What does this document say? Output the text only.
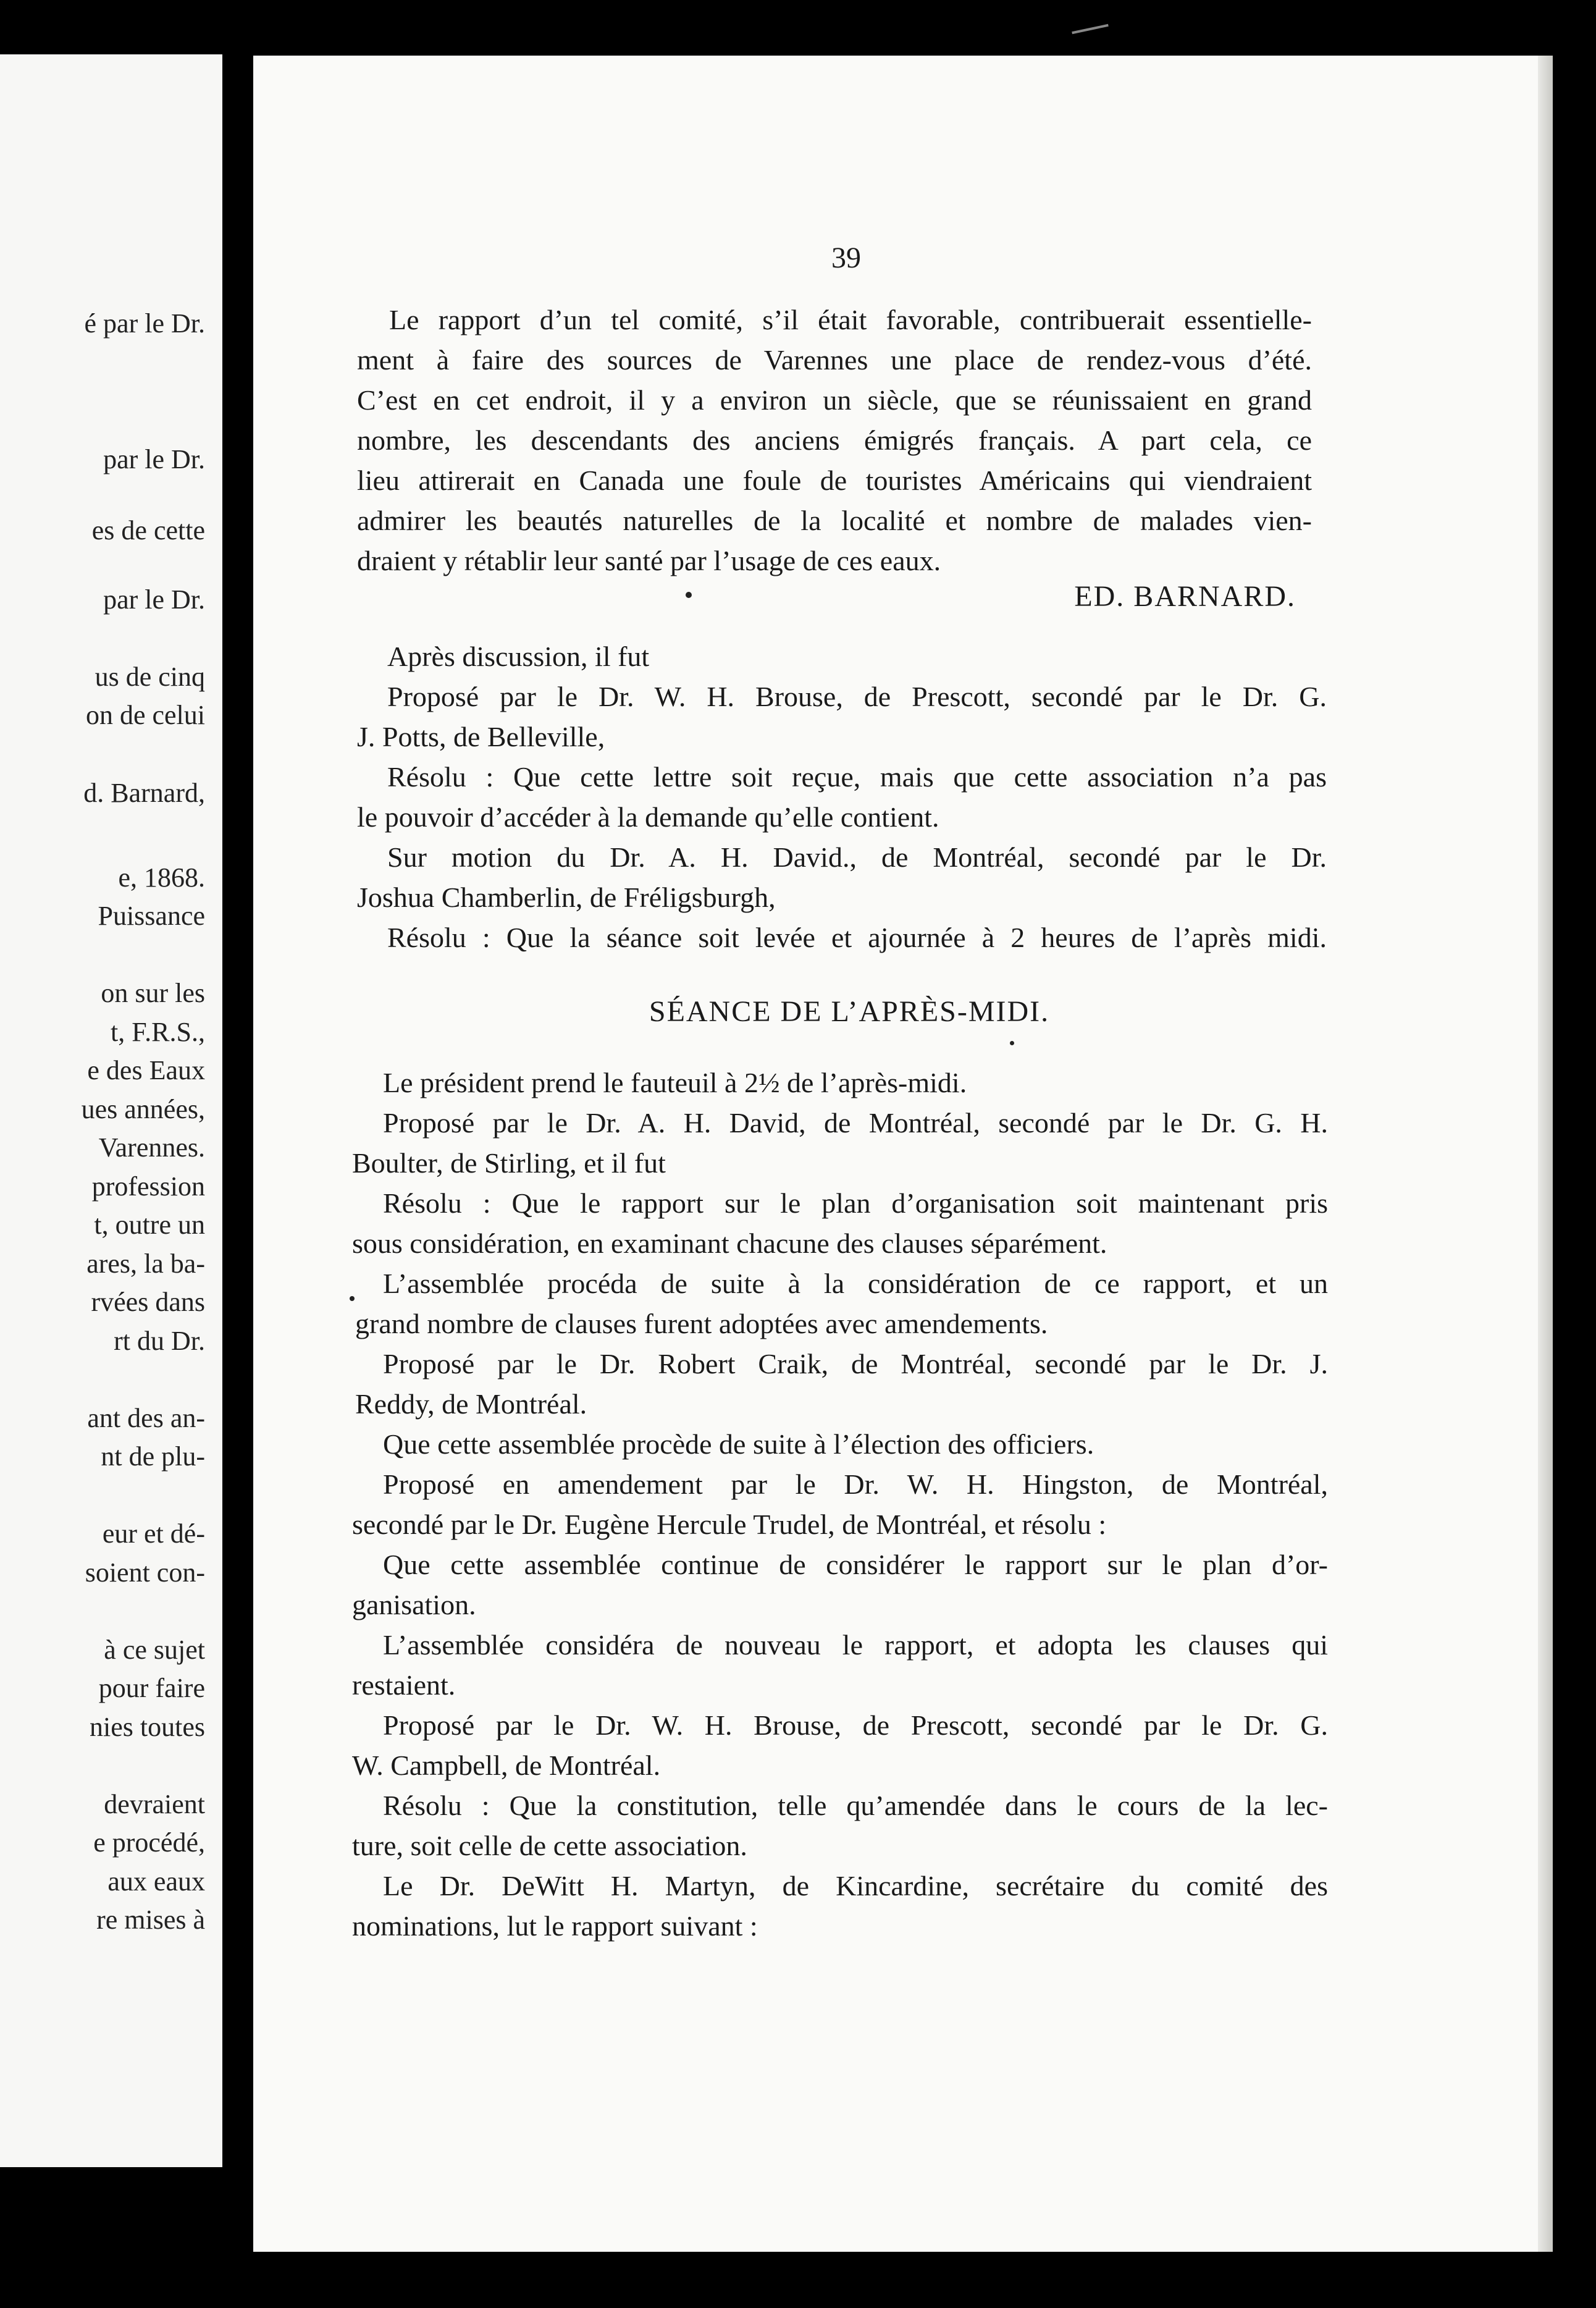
é par le Dr.
par le Dr.
es de cette
par le Dr.
us de cinq
on de celui
d. Barnard,
e, 1868.
Puissance
on sur les
t, F.R.S.,
e des Eaux
ues années,
Varennes.
profession
t, outre un
ares, la ba-
rvées dans
rt du Dr.
ant des an-
nt de plu-
eur et dé-
soient con-
à ce sujet
pour faire
nies toutes
devraient
e procédé,
aux eaux
re mises à
39
Le rapport d’un tel comité, s’il était favorable, contribuerait essentielle-
ment à faire des sources de Varennes une place de rendez-vous d’été.
C’est en cet endroit, il y a environ un siècle, que se réunissaient en grand
nombre, les descendants des anciens émigrés français. A part cela, ce
lieu attirerait en Canada une foule de touristes Américains qui viendraient
admirer les beautés naturelles de la localité et nombre de malades vien-
draient y rétablir leur santé par l’usage de ces eaux.
ED. BARNARD.
Après discussion, il fut
Proposé par le Dr. W. H. Brouse, de Prescott, secondé par le Dr. G.
J. Potts, de Belleville,
Résolu : Que cette lettre soit reçue, mais que cette association n’a pas
le pouvoir d’accéder à la demande qu’elle contient.
Sur motion du Dr. A. H. David., de Montréal, secondé par le Dr.
Joshua Chamberlin, de Fréligsburgh,
Résolu : Que la séance soit levée et ajournée à 2 heures de l’après midi.
SÉANCE DE L’APRÈS-MIDI.
Le président prend le fauteuil à 2½ de l’après-midi.
Proposé par le Dr. A. H. David, de Montréal, secondé par le Dr. G. H.
Boulter, de Stirling, et il fut
Résolu : Que le rapport sur le plan d’organisation soit maintenant pris
sous considération, en examinant chacune des clauses séparément.
L’assemblée procéda de suite à la considération de ce rapport, et un
grand nombre de clauses furent adoptées avec amendements.
Proposé par le Dr. Robert Craik, de Montréal, secondé par le Dr. J.
Reddy, de Montréal.
Que cette assemblée procède de suite à l’élection des officiers.
Proposé en amendement par le Dr. W. H. Hingston, de Montréal,
secondé par le Dr. Eugène Hercule Trudel, de Montréal, et résolu :
Que cette assemblée continue de considérer le rapport sur le plan d’or-
ganisation.
L’assemblée considéra de nouveau le rapport, et adopta les clauses qui
restaient.
Proposé par le Dr. W. H. Brouse, de Prescott, secondé par le Dr. G.
W. Campbell, de Montréal.
Résolu : Que la constitution, telle qu’amendée dans le cours de la lec-
ture, soit celle de cette association.
Le Dr. DeWitt H. Martyn, de Kincardine, secrétaire du comité des
nominations, lut le rapport suivant :
